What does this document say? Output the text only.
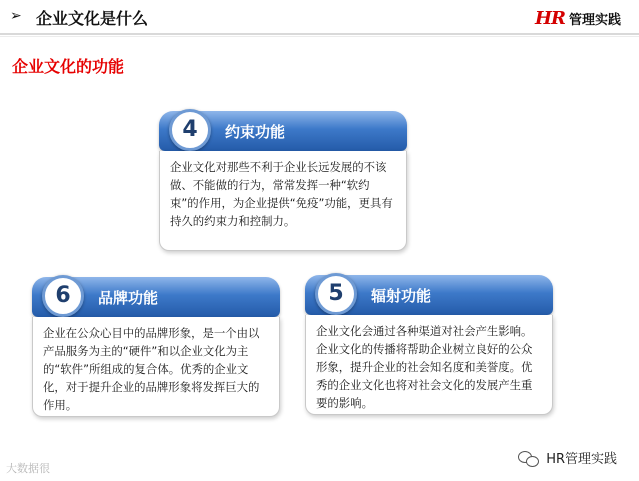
➢ 企业文化是什么	HR 管理实践
企业文化的功能
4	约束功能
企业文化对那些不利于企业长远发展的不该做、不能做的行为，常常发挥一种“软约束”的作用，为企业提供“免疫”功能，更具有持久的约束力和控制力。
6	品牌功能
企业在公众心目中的品牌形象，是一个由以产品服务为主的“硬件”和以企业文化为主的“软件”所组成的复合体。优秀的企业文化，对于提升企业的品牌形象将发挥巨大的作用。
5	辐射功能
企业文化会通过各种渠道对社会产生影响。企业文化的传播将帮助企业树立良好的公众形象，提升企业的社会知名度和美誉度。优秀的企业文化也将对社会文化的发展产生重要的影响。
大数据很
HR管理实践
